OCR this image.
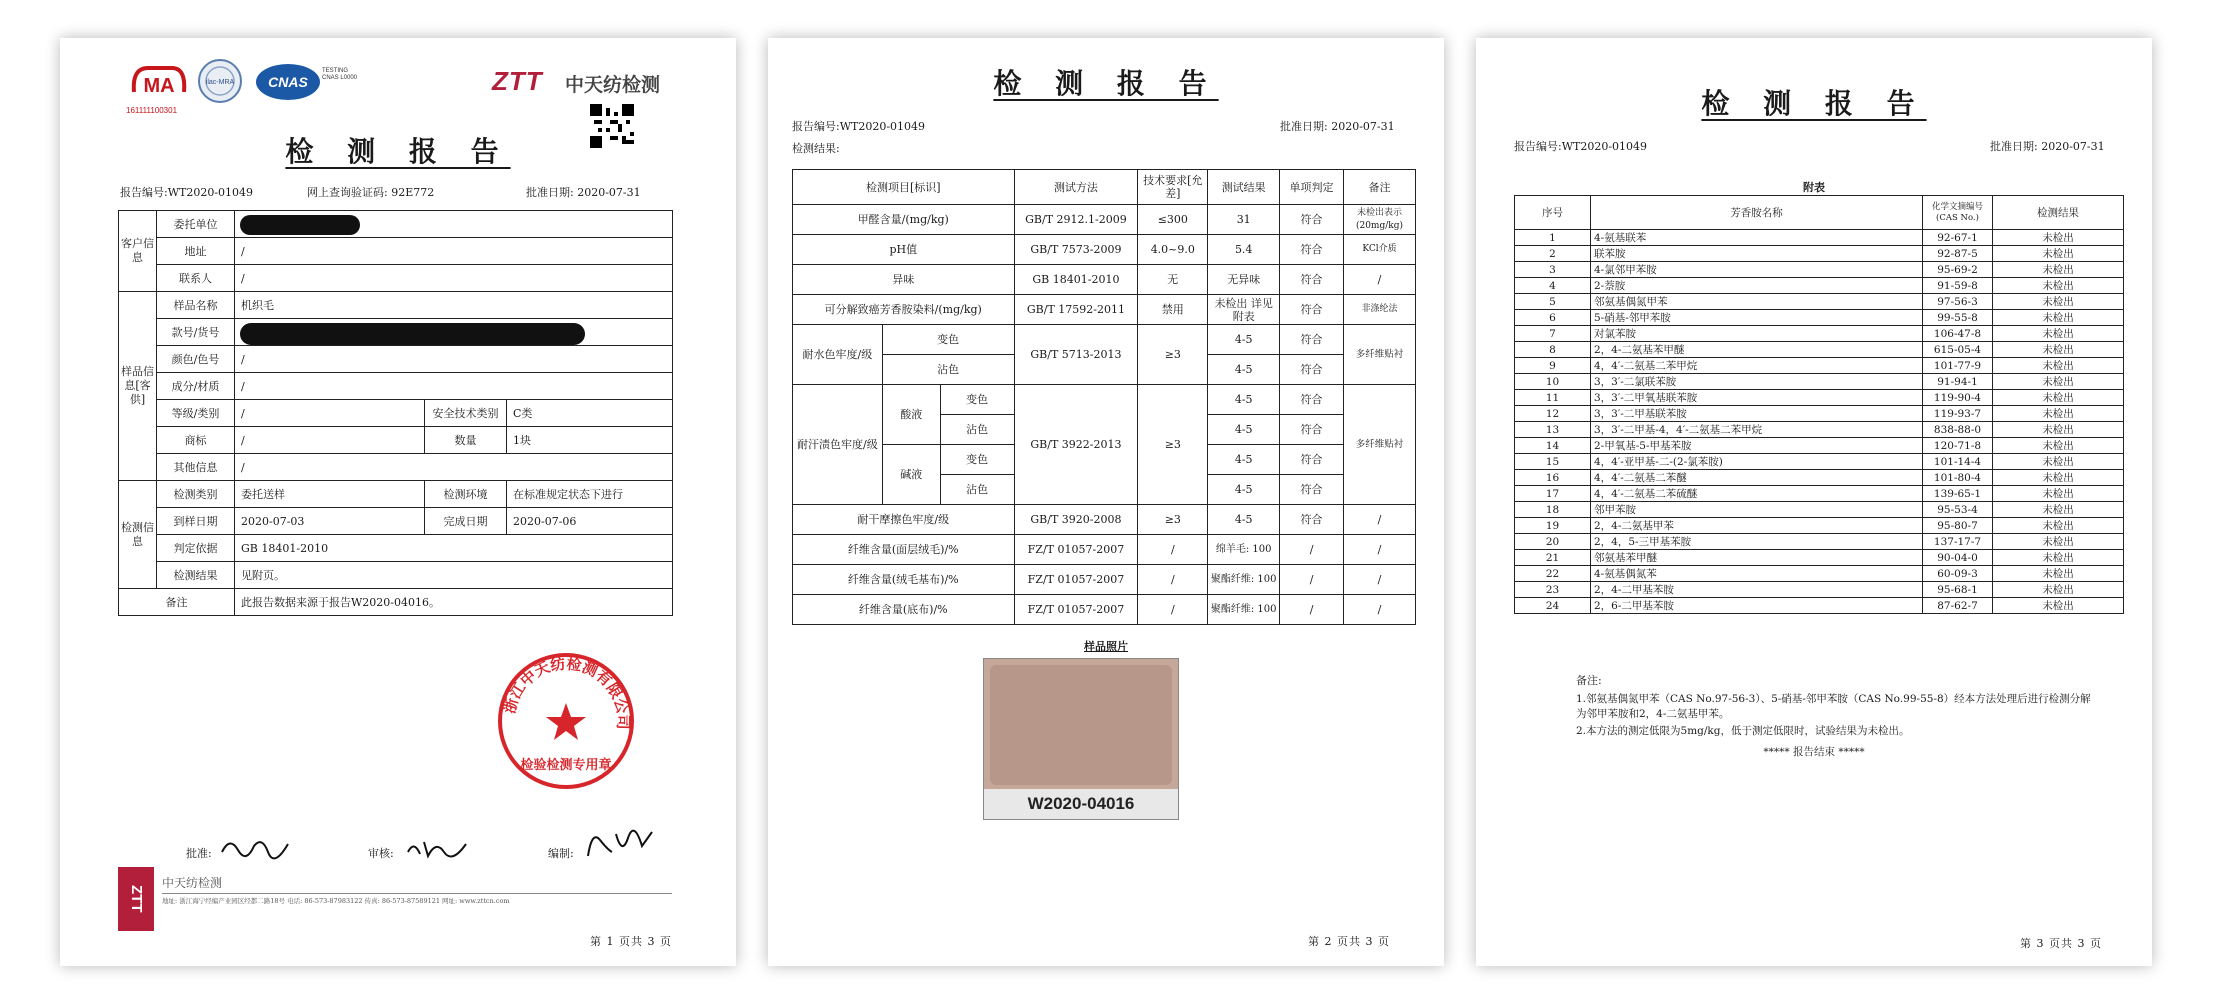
MA
161111100301
ilac-MRA	CNAS
TESTING CNAS L0000	ZTT 中天纺检测
检 测 报 告
报告编号:WT2020-01049	网上查询验证码: 92E772	批准日期: 2020-07-31
客户信息	委托单位			
	地址	/		
	联系人	/		
样品信息[客供]	样品名称	机织毛		
	款号/货号			
	颜色/色号	/		
	成分/材质	/		
	等级/类别	/	安全技术类别	C类
	商标	/	数量	1块
	其他信息	/		
检测信息	检测类别	委托送样	检测环境	在标准规定状态下进行
	到样日期	2020-07-03	完成日期	2020-07-06
	判定依据	GB 18401-2010		
	检测结果	见附页。		
备注		此报告数据来源于报告W2020-04016。		
浙江中天纺检测有限公司
检验检测专用章
批准:	审核:	编制:
ZTT
中天纺检测
地址: 浙江海宁经编产业园区经都二路18号 电话: 86-573-87983122 传真: 86-573-87589121 网址: www.zttcn.com
第 1 页共 3 页
检 测 报 告
报告编号:WT2020-01049	批准日期: 2020-07-31
检测结果:
检测项目[标识]			测试方法	技术要求[允差]	测试结果	单项判定	备注
甲醛含量/(mg/kg)			GB/T 2912.1-2009	≤300	31	符合	未检出表示(20mg/kg)
pH值			GB/T 7573-2009	4.0~9.0	5.4	符合	KCl介质
异味			GB 18401-2010	无	无异味	符合	/
可分解致癌芳香胺染料/(mg/kg)			GB/T 17592-2011	禁用	未检出 详见附表	符合	非涤纶法
耐水色牢度/级	变色		GB/T 5713-2013	≥3	4-5	符合	多纤维贴衬
	沾色				4-5	符合	
耐汗渍色牢度/级	酸液	变色	GB/T 3922-2013	≥3	4-5	符合	多纤维贴衬
		沾色			4-5	符合	
	碱液	变色			4-5	符合	
		沾色			4-5	符合	
耐干摩擦色牢度/级			GB/T 3920-2008	≥3	4-5	符合	/
纤维含量(面层绒毛)/%			FZ/T 01057-2007	/	绵羊毛: 100	/	/
纤维含量(绒毛基布)/%			FZ/T 01057-2007	/	聚酯纤维: 100	/	/
纤维含量(底布)/%			FZ/T 01057-2007	/	聚酯纤维: 100	/	/
样品照片
W2020-04016
第 2 页共 3 页
检 测 报 告
报告编号:WT2020-01049	批准日期: 2020-07-31
附表
序号	芳香胺名称	化学文摘编号(CAS No.)	检测结果
1	4-氨基联苯	92-67-1	未检出
2	联苯胺	92-87-5	未检出
3	4-氯邻甲苯胺	95-69-2	未检出
4	2-萘胺	91-59-8	未检出
5	邻氨基偶氮甲苯	97-56-3	未检出
6	5-硝基-邻甲苯胺	99-55-8	未检出
7	对氯苯胺	106-47-8	未检出
8	2，4-二氨基苯甲醚	615-05-4	未检出
9	4，4′-二氨基二苯甲烷	101-77-9	未检出
10	3，3′-二氯联苯胺	91-94-1	未检出
11	3，3′-二甲氧基联苯胺	119-90-4	未检出
12	3，3′-二甲基联苯胺	119-93-7	未检出
13	3，3′-二甲基-4，4′-二氨基二苯甲烷	838-88-0	未检出
14	2-甲氧基-5-甲基苯胺	120-71-8	未检出
15	4，4′-亚甲基-二-(2-氯苯胺)	101-14-4	未检出
16	4，4′-二氨基二苯醚	101-80-4	未检出
17	4，4′-二氨基二苯硫醚	139-65-1	未检出
18	邻甲苯胺	95-53-4	未检出
19	2，4-二氨基甲苯	95-80-7	未检出
20	2，4，5-三甲基苯胺	137-17-7	未检出
21	邻氨基苯甲醚	90-04-0	未检出
22	4-氨基偶氮苯	60-09-3	未检出
23	2，4-二甲基苯胺	95-68-1	未检出
24	2，6-二甲基苯胺	87-62-7	未检出
备注:
1.邻氨基偶氮甲苯（CAS No.97-56-3）、5-硝基-邻甲苯胺（CAS No.99-55-8）经本方法处理后进行检测分解为邻甲苯胺和2，4-二氨基甲苯。
2.本方法的测定低限为5mg/kg，低于测定低限时，试验结果为未检出。
***** 报告结束 *****
第 3 页共 3 页
